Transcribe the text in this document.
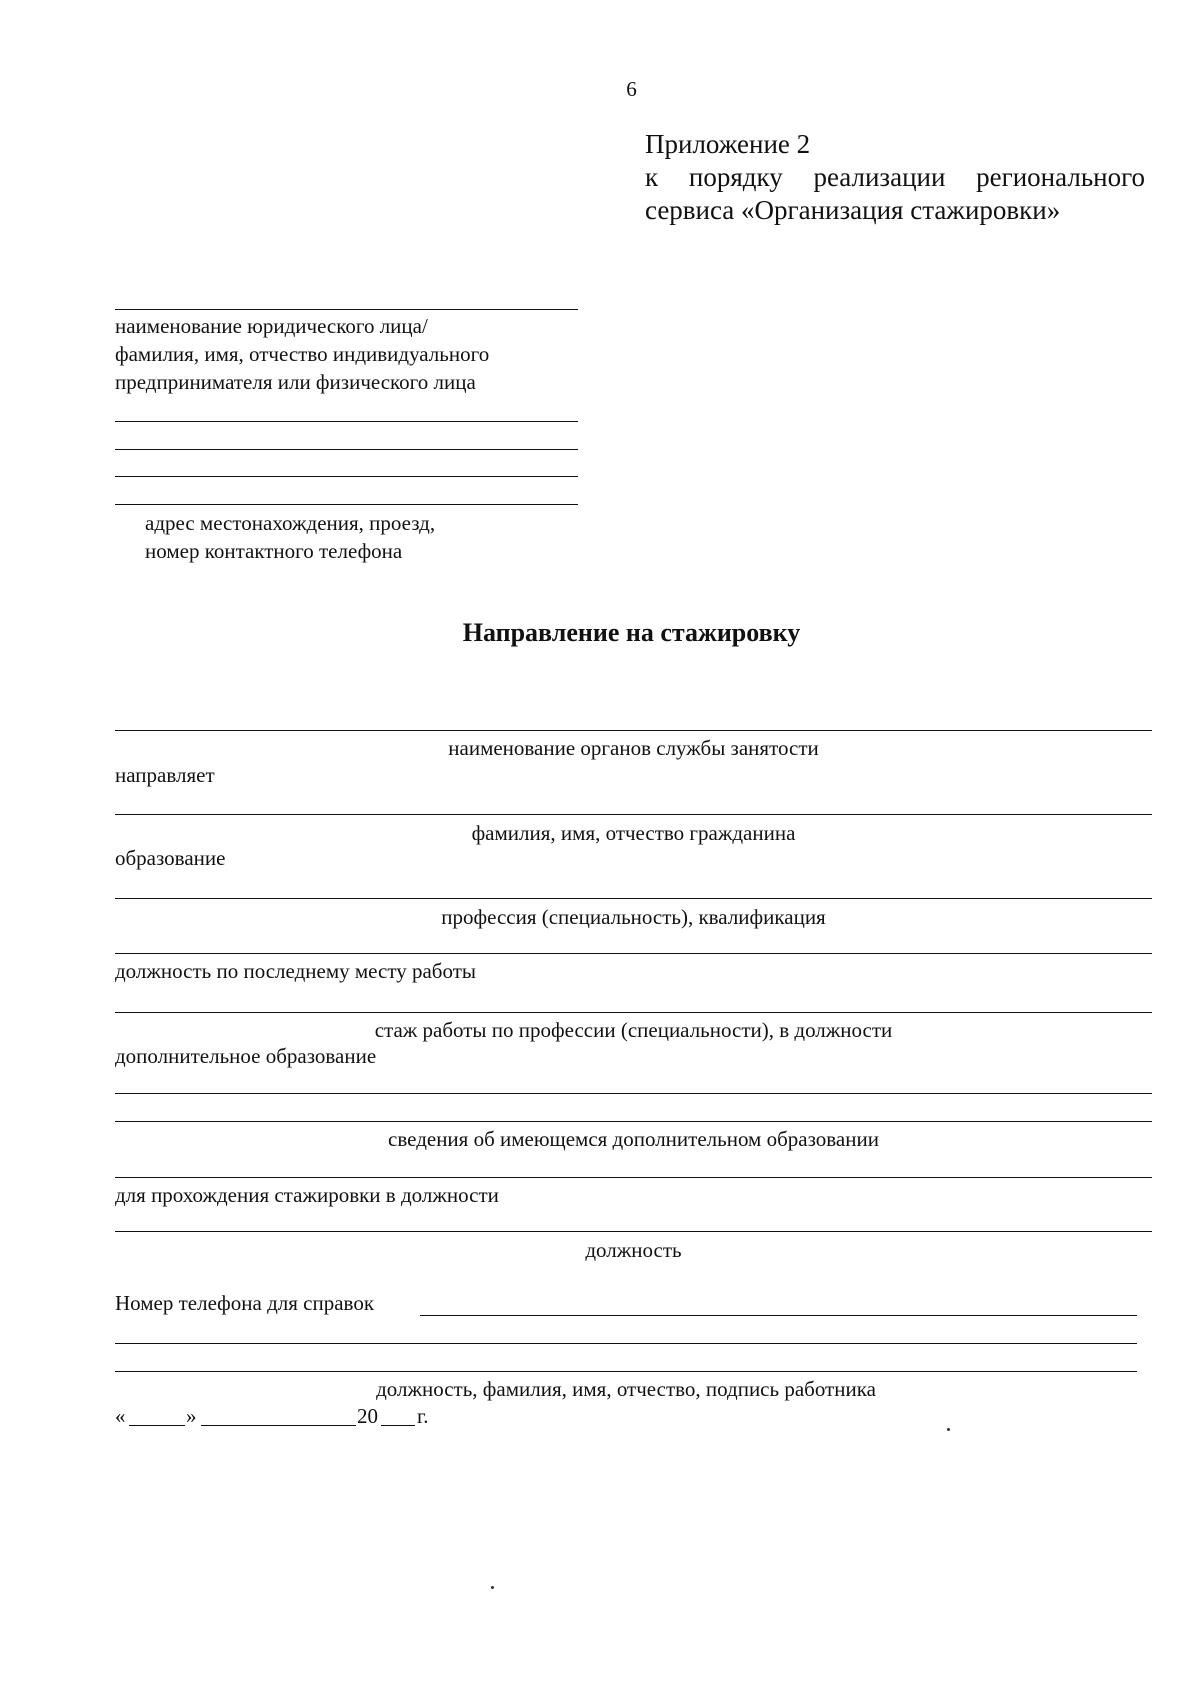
6
Приложение 2
к порядку реализации регионального
сервиса «Организация стажировки»
наименование юридического лица/
фамилия, имя, отчество индивидуального
предпринимателя или физического лица
адрес местонахождения, проезд,
номер контактного телефона
Направление на стажировку
наименование органов службы занятости
направляет
фамилия, имя, отчество гражданина
образование
профессия (специальность), квалификация
должность по последнему месту работы
стаж работы по профессии (специальности), в должности
дополнительное образование
сведения об имеющемся дополнительном образовании
для прохождения стажировки в должности
должность
Номер телефона для справок
должность, фамилия, имя, отчество, подпись работника
«	»	20 г.
